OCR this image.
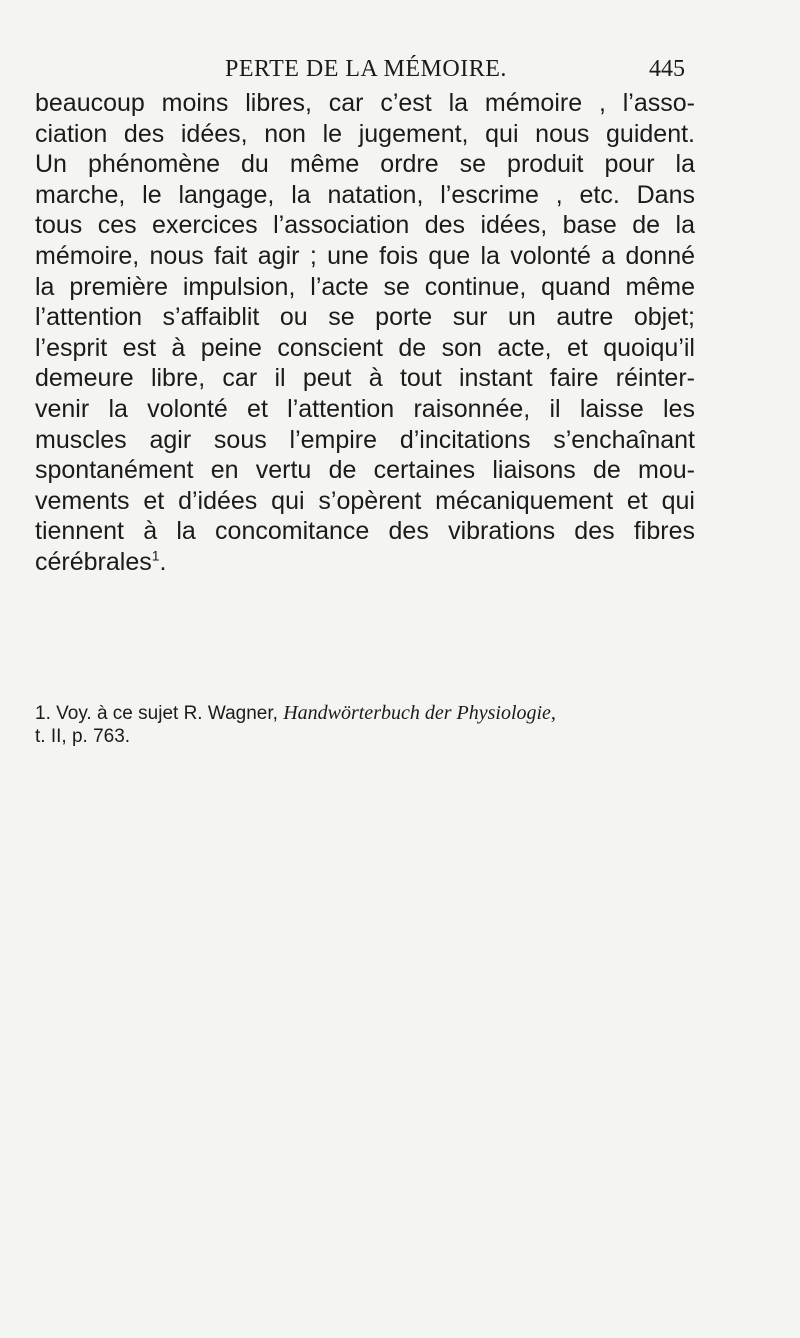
PERTE DE LA MÉMOIRE.	445
beaucoup moins libres, car c’est la mémoire , l’asso-
ciation des idées, non le jugement, qui nous guident.
Un phénomène du même ordre se produit pour la
marche, le langage, la natation, l’escrime , etc. Dans
tous ces exercices l’association des idées, base de la
mémoire, nous fait agir ; une fois que la volonté a donné
la première impulsion, l’acte se continue, quand même
l’attention s’affaiblit ou se porte sur un autre objet;
l’esprit est à peine conscient de son acte, et quoiqu’il
demeure libre, car il peut à tout instant faire réinter-
venir la volonté et l’attention raisonnée, il laisse les
muscles agir sous l’empire d’incitations s’enchaînant
spontanément en vertu de certaines liaisons de mou-
vements et d’idées qui s’opèrent mécaniquement et qui
tiennent à la concomitance des vibrations des fibres
cérébrales$^1$.
1. Voy. à ce sujet R. Wagner, Handwörterbuch der Physiologie,
t. II, p. 763.
